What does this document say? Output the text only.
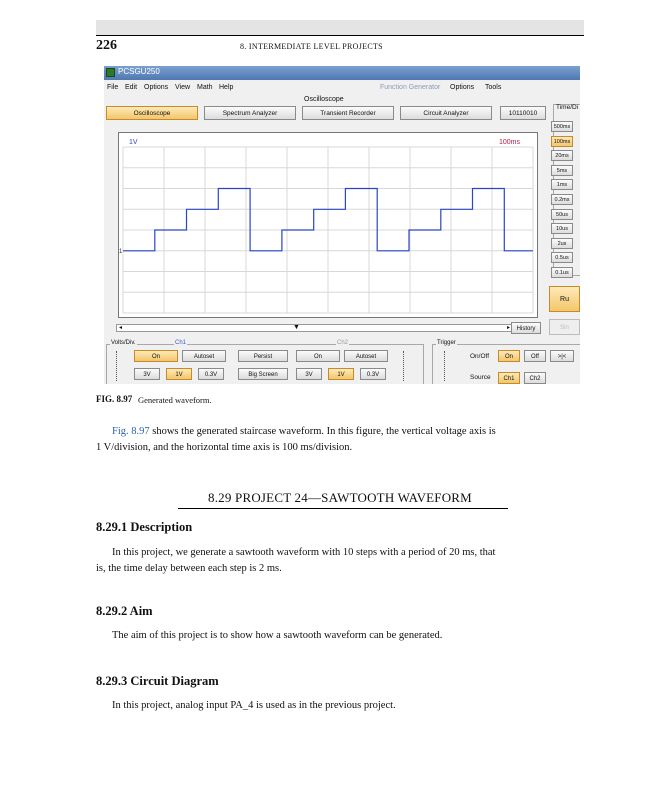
226	8. INTERMEDIATE LEVEL PROJECTS
PCSGU250
File Edit Options View Math Help	Function Generator Options Tools
Oscilloscope
Oscilloscope	Spectrum Analyzer	Transient Recorder	Circuit Analyzer	10110010
Time/Di
500ms
100ms
20ms
5ms
1ms
0.2ms
50us
10us
2us
0.5us
0.1us
Ru
Sin
1V	100ms
1
◂	▼	▸	History
Volts/Div.	Ch1	Ch2
On	Autoset	Persist	On	Autoset
3V	1V	0.3V	Big Screen	3V	1V	0.3V
Trigger
On/Off	On	Off	>|<
Source	Ch1	Ch2
FIG. 8.97 Generated waveform.
Fig. 8.97 shows the generated staircase waveform. In this figure, the vertical voltage axis is
1 V/division, and the horizontal time axis is 100 ms/division.
8.29 PROJECT 24—SAWTOOTH WAVEFORM
8.29.1 Description
In this project, we generate a sawtooth waveform with 10 steps with a period of 20 ms, that
is, the time delay between each step is 2 ms.
8.29.2 Aim
The aim of this project is to show how a sawtooth waveform can be generated.
8.29.3 Circuit Diagram
In this project, analog input PA_4 is used as in the previous project.
